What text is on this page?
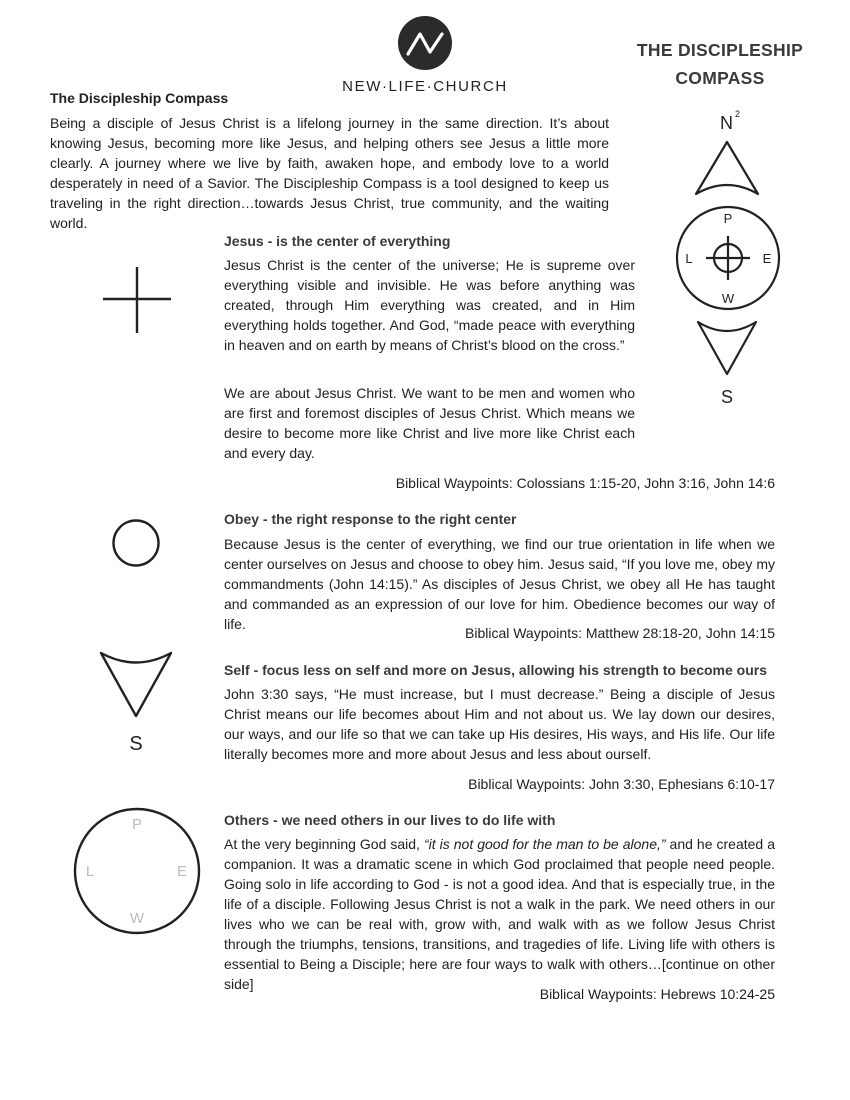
NEW·LIFE·CHURCH
THE DISCIPLESHIP
COMPASS
N 2
P
L	E
W
S
The Discipleship Compass
Being a disciple of Jesus Christ is a lifelong journey in the same direction. It’s about knowing Jesus, becoming more like Jesus, and helping others see Jesus a little more clearly. A journey where we live by faith, awaken hope, and embody love to a world desperately in need of a Savior. The Discipleship Compass is a tool designed to keep us traveling in the right direction…towards Jesus Christ, true community, and the waiting world.
Jesus - is the center of everything
Jesus Christ is the center of the universe; He is supreme over everything visible and invisible. He was before anything was created, through Him everything was created, and in Him everything holds together. And God, “made peace with everything in heaven and on earth by means of Christ’s blood on the cross.”
We are about Jesus Christ. We want to be men and women who are first and foremost disciples of Jesus Christ. Which means we desire to become more like Christ and live more like Christ each and every day.
Biblical Waypoints: Colossians 1:15-20, John 3:16, John 14:6
Obey - the right response to the right center
Because Jesus is the center of everything, we find our true orientation in life when we center ourselves on Jesus and choose to obey him. Jesus said, “If you love me, obey my commandments (John 14:15).” As disciples of Jesus Christ, we obey all He has taught and commanded as an expression of our love for him. Obedience becomes our way of life.
Biblical Waypoints: Matthew 28:18-20, John 14:15
S
Self - focus less on self and more on Jesus, allowing his strength to become ours
John 3:30 says, “He must increase, but I must decrease.” Being a disciple of Jesus Christ means our life becomes about Him and not about us. We lay down our desires, our ways, and our life so that we can take up His desires, His ways, and His life. Our life literally becomes more and more about Jesus and less about ourself.
Biblical Waypoints: John 3:30, Ephesians 6:10-17
P
L	E
W
Others - we need others in our lives to do life with
At the very beginning God said, “it is not good for the man to be alone,” and he created a companion. It was a dramatic scene in which God proclaimed that people need people. Going solo in life according to God - is not a good idea. And that is especially true, in the life of a disciple. Following Jesus Christ is not a walk in the park. We need others in our lives who we can be real with, grow with, and walk with as we follow Jesus Christ through the triumphs, tensions, transitions, and tragedies of life. Living life with others is essential to Being a Disciple; here are four ways to walk with others…[continue on other side]
Biblical Waypoints: Hebrews 10:24-25
